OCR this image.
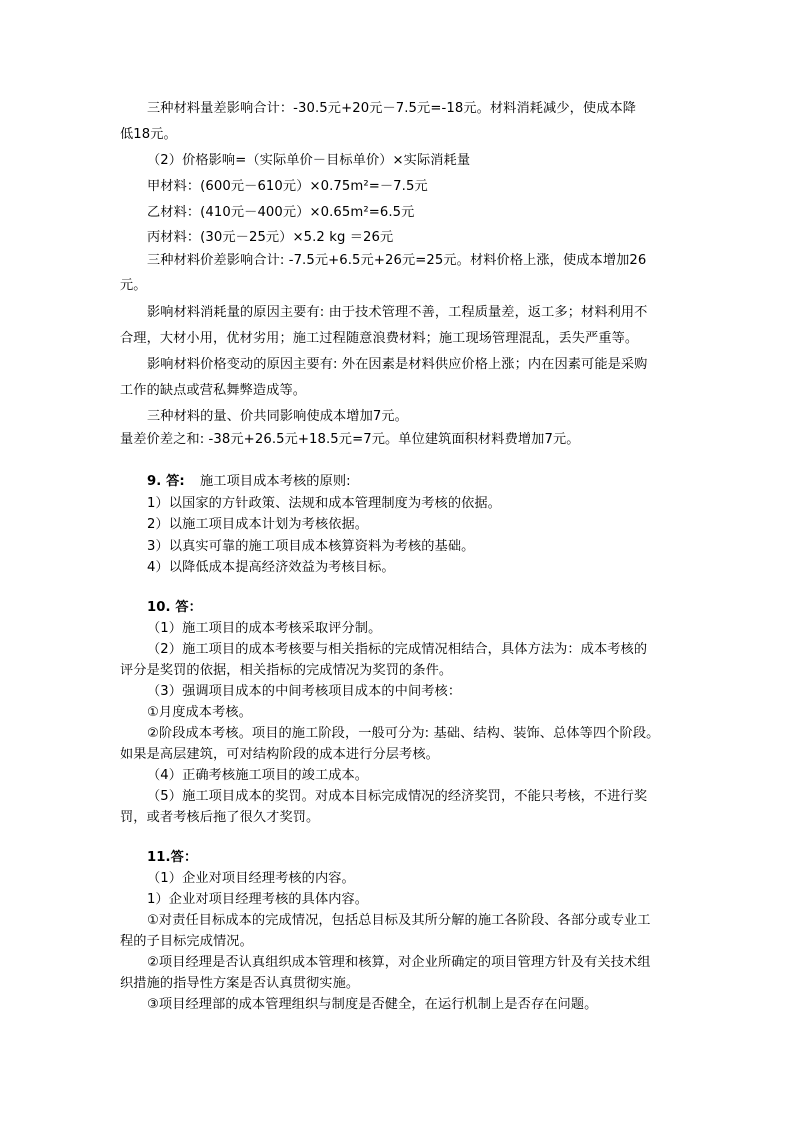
三种材料量差影响合计：-30.5元+20元－7.5元=-18元。材料消耗减少，使成本降
低18元。
（2）价格影响=（实际单价－目标单价）×实际消耗量
甲材料：(600元－610元）×0.75m²=－7.5元
乙材料：(410元－400元）×0.65m²=6.5元
丙材料：(30元－25元）×5.2 kg ＝26元
三种材料价差影响合计: -7.5元+6.5元+26元=25元。材料价格上涨，使成本增加26
元。
影响材料消耗量的原因主要有: 由于技术管理不善，工程质量差，返工多；材料利用不
合理，大材小用，优材劣用；施工过程随意浪费材料；施工现场管理混乱，丢失严重等。
影响材料价格变动的原因主要有: 外在因素是材料供应价格上涨；内在因素可能是采购
工作的缺点或营私舞弊造成等。
三种材料的量、价共同影响使成本增加7元。
量差价差之和: -38元+26.5元+18.5元=7元。单位建筑面积材料费增加7元。
9. 答: 施工项目成本考核的原则:
1）以国家的方针政策、法规和成本管理制度为考核的依据。
2）以施工项目成本计划为考核依据。
3）以真实可靠的施工项目成本核算资料为考核的基础。
4）以降低成本提高经济效益为考核目标。
10. 答：
（1）施工项目的成本考核采取评分制。
（2）施工项目的成本考核要与相关指标的完成情况相结合，具体方法为：成本考核的
评分是奖罚的依据，相关指标的完成情况为奖罚的条件。
（3）强调项目成本的中间考核项目成本的中间考核：
①月度成本考核。
②阶段成本考核。项目的施工阶段，一般可分为: 基础、结构、装饰、总体等四个阶段。
如果是高层建筑，可对结构阶段的成本进行分层考核。
（4）正确考核施工项目的竣工成本。
（5）施工项目成本的奖罚。对成本目标完成情况的经济奖罚，不能只考核，不进行奖
罚，或者考核后拖了很久才奖罚。
11.答：
（1）企业对项目经理考核的内容。
1）企业对项目经理考核的具体内容。
①对责任目标成本的完成情况，包括总目标及其所分解的施工各阶段、各部分或专业工
程的子目标完成情况。
②项目经理是否认真组织成本管理和核算，对企业所确定的项目管理方针及有关技术组
织措施的指导性方案是否认真贯彻实施。
③项目经理部的成本管理组织与制度是否健全，在运行机制上是否存在问题。
